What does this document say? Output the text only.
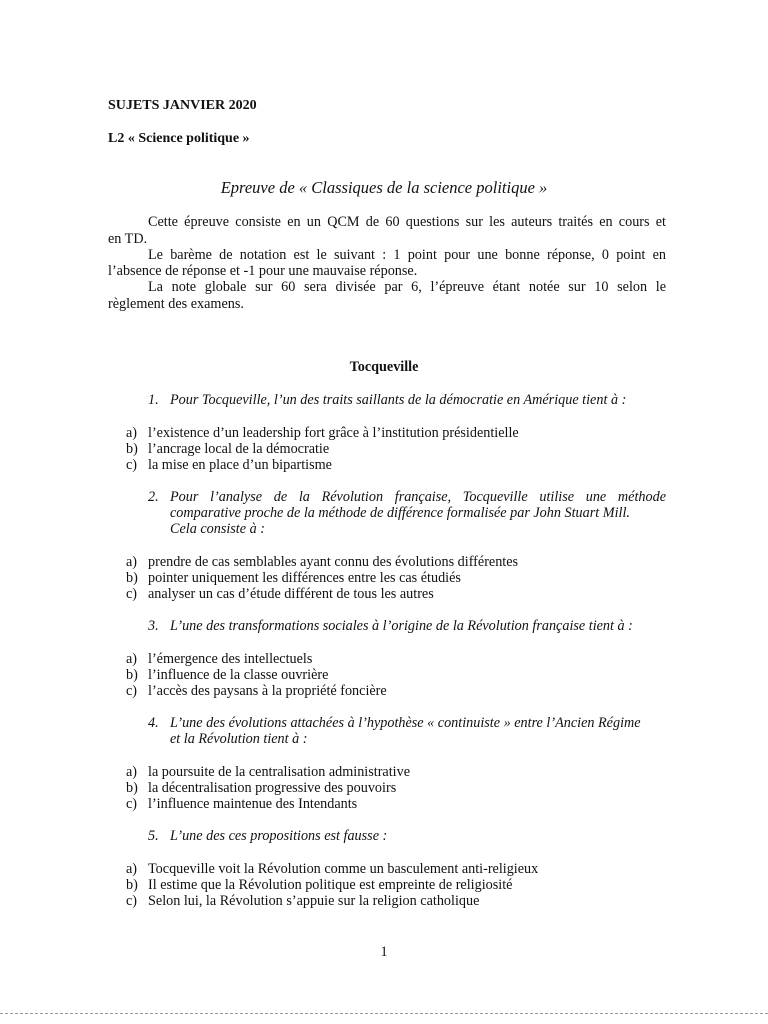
SUJETS JANVIER 2020
L2 « Science politique »
Epreuve de « Classiques de la science politique »
Cette épreuve consiste en un QCM de 60 questions sur les auteurs traités en cours et
en TD.
Le barème de notation est le suivant : 1 point pour une bonne réponse, 0 point en
l’absence de réponse et -1 pour une mauvaise réponse.
La note globale sur 60 sera divisée par 6, l’épreuve étant notée sur 10 selon le
règlement des examens.
Tocqueville
1. Pour Tocqueville, l’un des traits saillants de la démocratie en Amérique tient à :
a) l’existence d’un leadership fort grâce à l’institution présidentielle
b) l’ancrage local de la démocratie
c) la mise en place d’un bipartisme
2. Pour l’analyse de la Révolution française, Tocqueville utilise une méthode
comparative proche de la méthode de différence formalisée par John Stuart Mill.
Cela consiste à :
a) prendre de cas semblables ayant connu des évolutions différentes
b) pointer uniquement les différences entre les cas étudiés
c) analyser un cas d’étude différent de tous les autres
3. L’une des transformations sociales à l’origine de la Révolution française tient à :
a) l’émergence des intellectuels
b) l’influence de la classe ouvrière
c) l’accès des paysans à la propriété foncière
4. L’une des évolutions attachées à l’hypothèse « continuiste » entre l’Ancien Régime
et la Révolution tient à :
a) la poursuite de la centralisation administrative
b) la décentralisation progressive des pouvoirs
c) l’influence maintenue des Intendants
5. L’une des ces propositions est fausse :
a) Tocqueville voit la Révolution comme un basculement anti-religieux
b) Il estime que la Révolution politique est empreinte de religiosité
c) Selon lui, la Révolution s’appuie sur la religion catholique
1
